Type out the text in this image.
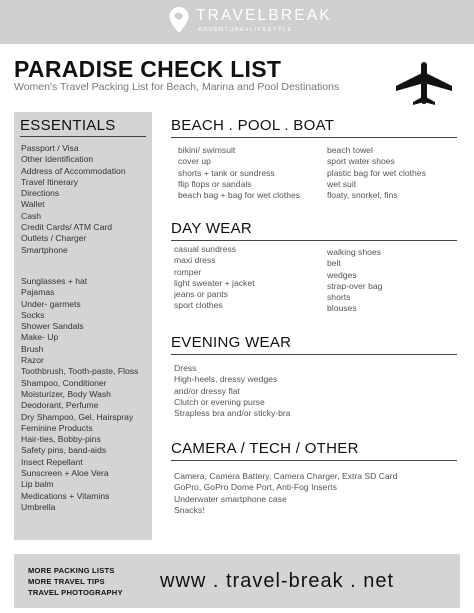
TRAVELBREAK
ADVENTURE+LIFESTYLE
PARADISE CHECK LIST
Women's Travel Packing List for Beach, Marina and Pool Destinations
ESSENTIALS
Passport / Visa
Other Identification
Address of Accommodation
Travel Itinerary
Directions
Wallet
Cash
Credit Cards/ ATM Card
Outlets / Charger
Smartphone
Sunglasses + hat
Pajamas
Under- garmets
Socks
Shower Sandals
Make- Up
Brush
Razor
Toothbrush, Tooth-paste, Floss
Shampoo, Conditioner
Moisturizer, Body Wash
Deodorant, Perfume
Dry Shampoo, Gel, Hairspray
Feminine Products
Hair-ties, Bobby-pins
Safety pins, band-aids
Insect Repellant
Sunscreen + Aloe Vera
Lip balm
Medications + Vitamins
Umbrella
BEACH . POOL . BOAT
bikini/ swimsuit
cover up
shorts + tank or sundress
flip flops or sandals
beach bag + bag for wet clothes
beach towel
sport water shoes
plastic bag for wet clothes
wet suit
floaty, snorkel, fins
DAY WEAR
casual sundress
maxi dress
romper
light sweater + jacket
jeans or pants
sport clothes
walking shoes
belt
wedges
strap-over bag
shorts
blouses
EVENING WEAR
Dress
High-heels, dressy wedges
and/or dressy flat
Clutch or evening purse
Strapless bra and/or sticky-bra
CAMERA / TECH / OTHER
Camera, Camera Battery, Camera Charger, Extra SD Card
GoPro, GoPro Dome Port, Anti-Fog Inserts
Underwater smartphone case
Snacks!
MORE PACKING LISTS
MORE TRAVEL TIPS
TRAVEL PHOTOGRAPHY
www . travel-break . net
